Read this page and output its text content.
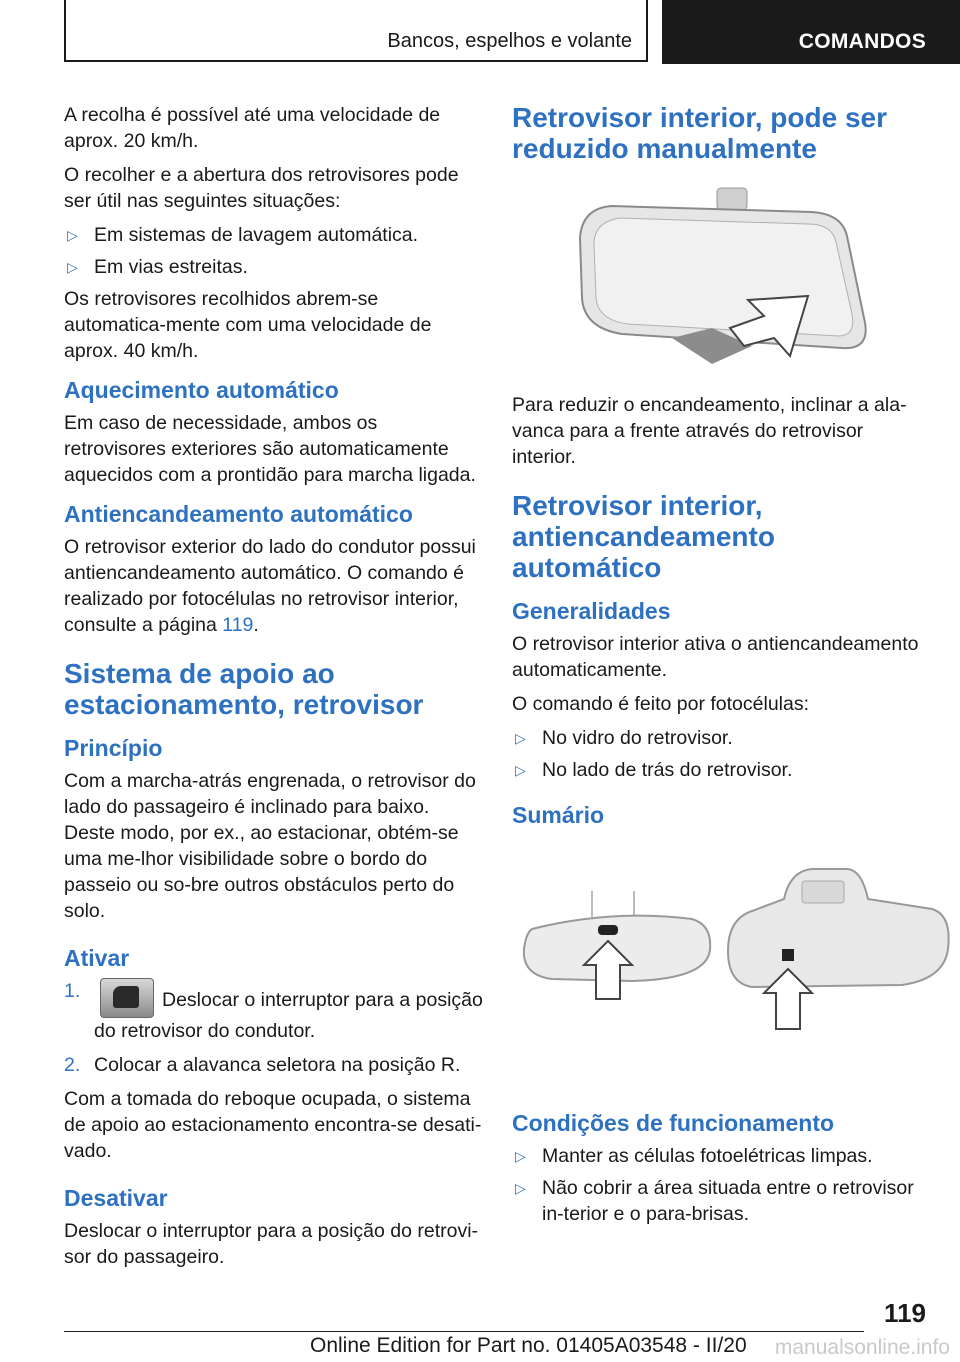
Bancos, espelhos e volante	COMANDOS

A recolha é possível até uma velocidade de aprox. 20 km/h.

O recolher e a abertura dos retrovisores pode ser útil nas seguintes situações:

▷ Em sistemas de lavagem automática.
▷ Em vias estreitas.

Os retrovisores recolhidos abrem-se automatica-mente com uma velocidade de aprox. 40 km/h.

Aquecimento automático

Em caso de necessidade, ambos os retrovisores exteriores são automaticamente aquecidos com a prontidão para marcha ligada.

Antiencandeamento automático

O retrovisor exterior do lado do condutor possui antiencandeamento automático. O comando é realizado por fotocélulas no retrovisor interior, consulte a página 119.

Sistema de apoio ao estacionamento, retrovisor
Princípio

Com a marcha-atrás engrenada, o retrovisor do lado do passageiro é inclinado para baixo. Deste modo, por ex., ao estacionar, obtém-se uma me-lhor visibilidade sobre o bordo do passeio ou so-bre outros obstáculos perto do solo.

Ativar
1.	Deslocar o interruptor para a posição do retrovisor do condutor.
2. Colocar a alavanca seletora na posição R.

Com a tomada do reboque ocupada, o sistema de apoio ao estacionamento encontra-se desati-vado.

Desativar

Deslocar o interruptor para a posição do retrovi-sor do passageiro.

Retrovisor interior, pode ser reduzido manualmente

Para reduzir o encandeamento, inclinar a ala-vanca para a frente através do retrovisor interior.

Retrovisor interior, antiencandeamento automático
Generalidades

O retrovisor interior ativa o antiencandeamento automaticamente.

O comando é feito por fotocélulas:

▷ No vidro do retrovisor.
▷ No lado de trás do retrovisor.
Sumário
Condições de funcionamento
▷ Manter as células fotoelétricas limpas.
▷ Não cobrir a área situada entre o retrovisor in-terior e o para-brisas.
119
Online Edition for Part no. 01405A03548 - II/20 manualsonline.info
